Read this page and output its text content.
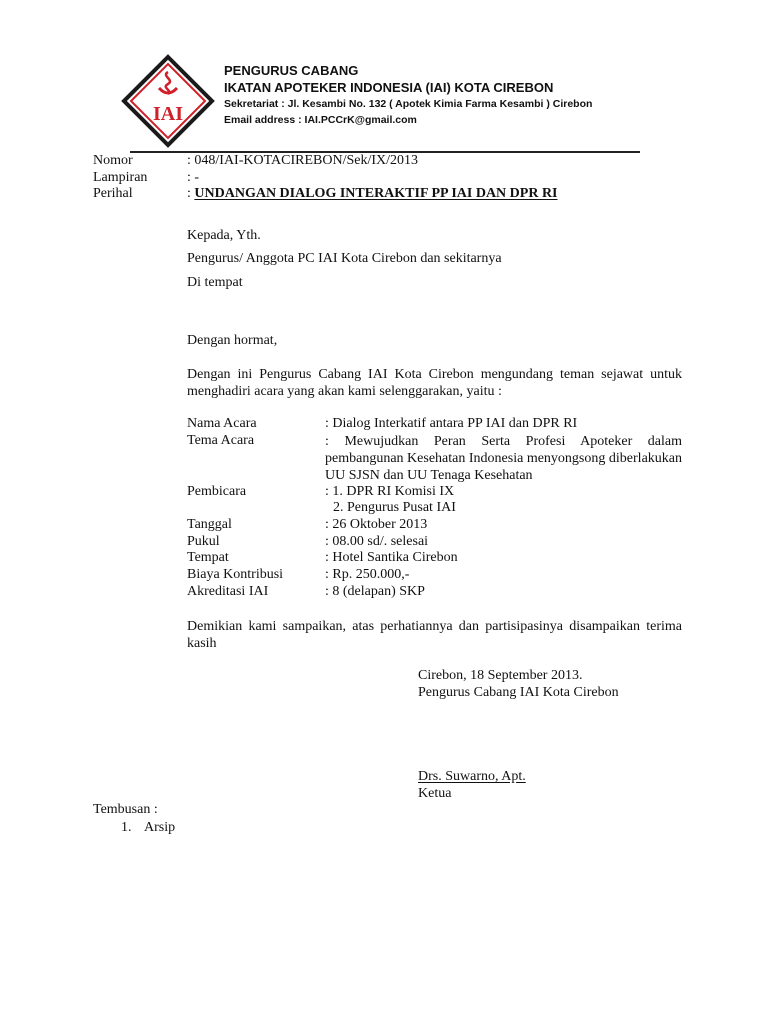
IAI
PENGURUS CABANG
IKATAN APOTEKER INDONESIA (IAI) KOTA CIREBON
Sekretariat : Jl. Kesambi No. 132 ( Apotek Kimia Farma Kesambi ) Cirebon
Email address : IAI.PCCrK@gmail.com
Nomor	: 048/IAI-KOTACIREBON/Sek/IX/2013
Lampiran	: -
Perihal	: UNDANGAN DIALOG INTERAKTIF PP IAI DAN DPR RI
Kepada, Yth.
Pengurus/ Anggota PC IAI Kota Cirebon dan sekitarnya
Di tempat
Dengan hormat,
Dengan ini Pengurus Cabang IAI Kota Cirebon mengundang teman sejawat untuk menghadiri acara yang akan kami selenggarakan, yaitu :
Nama Acara	: Dialog Interkatif antara PP IAI dan DPR RI
Tema Acara	: Mewujudkan Peran Serta Profesi Apoteker dalam pembangunan Kesehatan Indonesia menyongsong diberlakukan UU SJSN dan UU Tenaga Kesehatan
Pembicara	: 1. DPR RI Komisi IX
2. Pengurus Pusat IAI
Tanggal	: 26 Oktober 2013
Pukul	: 08.00 sd/. selesai
Tempat	: Hotel Santika Cirebon
Biaya Kontribusi	: Rp. 250.000,-
Akreditasi IAI	: 8 (delapan) SKP
Demikian kami sampaikan, atas perhatiannya dan partisipasinya disampaikan terima kasih
Cirebon, 18 September 2013.
Pengurus Cabang IAI Kota Cirebon
Drs. Suwarno, Apt.
Ketua
Tembusan :
1. Arsip
